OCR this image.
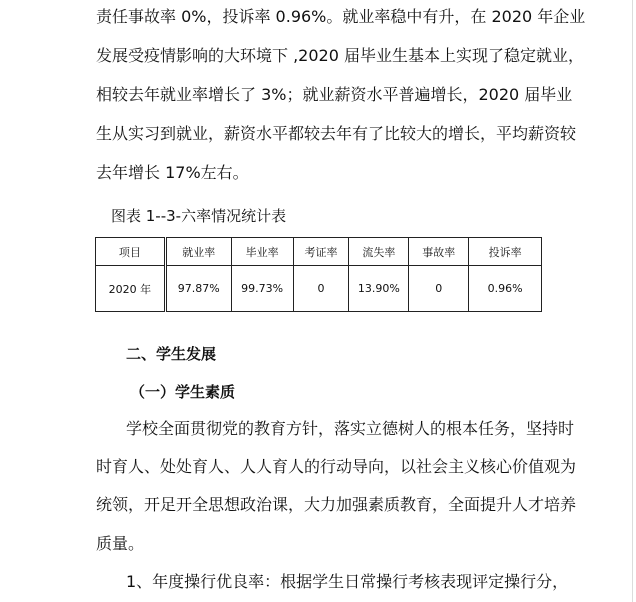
责任事故率 0%，投诉率 0.96%。就业率稳中有升，在 2020 年企业
发展受疫情影响的大环境下 ,2020 届毕业生基本上实现了稳定就业，
相较去年就业率增长了 3%；就业薪资水平普遍增长，2020 届毕业
生从实习到就业，薪资水平都较去年有了比较大的增长，平均薪资较
去年增长 17%左右。
图表 1--3-六率情况统计表
项目	就业率	毕业率	考证率	流失率	事故率	投诉率
2020 年	97.87%	99.73%	0	13.90%	0	0.96%
二、学生发展
（一）学生素质
学校全面贯彻党的教育方针，落实立德树人的根本任务，坚持时
时育人、处处育人、人人育人的行动导向，以社会主义核心价值观为
统领，开足开全思想政治课，大力加强素质教育，全面提升人才培养
质量。
1、年度操行优良率：根据学生日常操行考核表现评定操行分，
